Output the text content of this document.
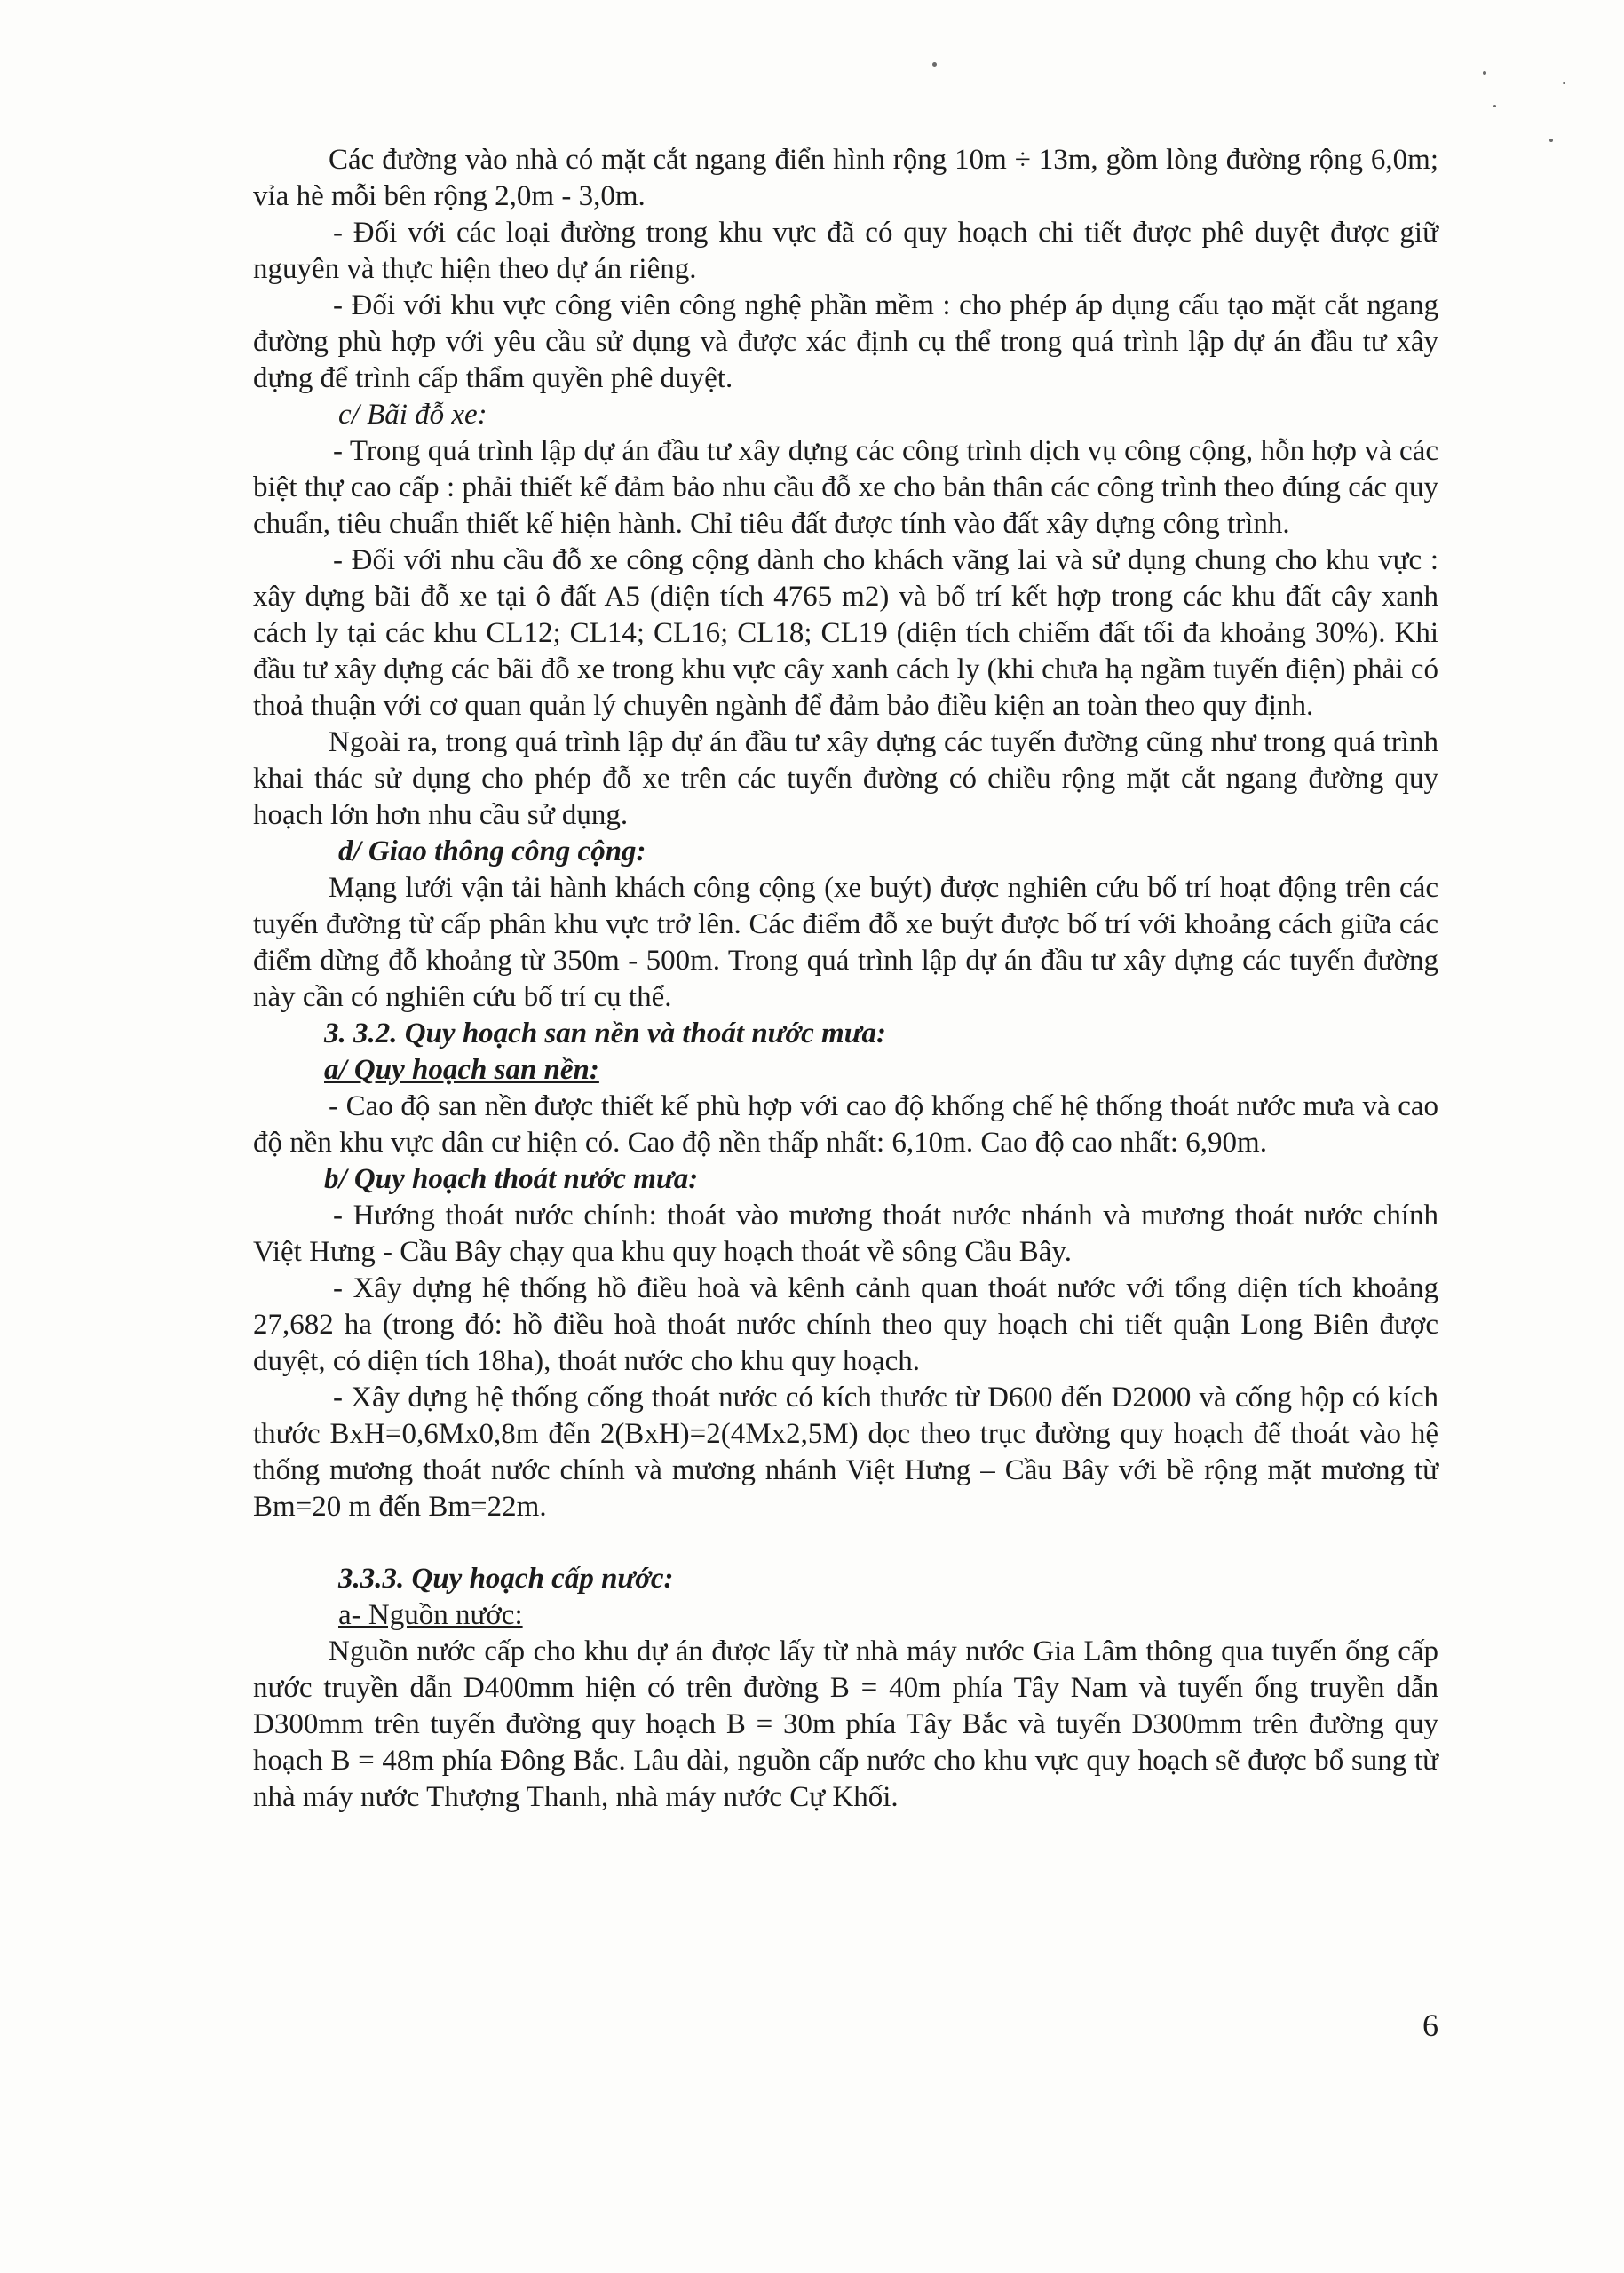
Các đường vào nhà có mặt cắt ngang điển hình rộng 10m ÷ 13m, gồm lòng đường rộng 6,0m; vỉa hè mỗi bên rộng 2,0m - 3,0m.

- Đối với các loại đường trong khu vực đã có quy hoạch chi tiết được phê duyệt được giữ nguyên và thực hiện theo dự án riêng.

- Đối với khu vực công viên công nghệ phần mềm : cho phép áp dụng cấu tạo mặt cắt ngang đường phù hợp với yêu cầu sử dụng và được xác định cụ thể trong quá trình lập dự án đầu tư xây dựng để trình cấp thẩm quyền phê duyệt.

c/ Bãi đỗ xe:

- Trong quá trình lập dự án đầu tư xây dựng các công trình dịch vụ công cộng, hỗn hợp và các biệt thự cao cấp : phải thiết kế đảm bảo nhu cầu đỗ xe cho bản thân các công trình theo đúng các quy chuẩn, tiêu chuẩn thiết kế hiện hành. Chỉ tiêu đất được tính vào đất xây dựng công trình.

- Đối với nhu cầu đỗ xe công cộng dành cho khách vãng lai và sử dụng chung cho khu vực : xây dựng bãi đỗ xe tại ô đất A5 (diện tích 4765 m2) và bố trí kết hợp trong các khu đất cây xanh cách ly tại các khu CL12; CL14; CL16; CL18; CL19 (diện tích chiếm đất tối đa khoảng 30%). Khi đầu tư xây dựng các bãi đỗ xe trong khu vực cây xanh cách ly (khi chưa hạ ngầm tuyến điện) phải có thoả thuận với cơ quan quản lý chuyên ngành để đảm bảo điều kiện an toàn theo quy định.

Ngoài ra, trong quá trình lập dự án đầu tư xây dựng các tuyến đường cũng như trong quá trình khai thác sử dụng cho phép đỗ xe trên các tuyến đường có chiều rộng mặt cắt ngang đường quy hoạch lớn hơn nhu cầu sử dụng.

d/ Giao thông công cộng:

Mạng lưới vận tải hành khách công cộng (xe buýt) được nghiên cứu bố trí hoạt động trên các tuyến đường từ cấp phân khu vực trở lên. Các điểm đỗ xe buýt được bố trí với khoảng cách giữa các điểm dừng đỗ khoảng từ 350m - 500m. Trong quá trình lập dự án đầu tư xây dựng các tuyến đường này cần có nghiên cứu bố trí cụ thể.

3. 3.2. Quy hoạch san nền và thoát nước mưa:

a/ Quy hoạch san nền:

- Cao độ san nền được thiết kế phù hợp với cao độ khống chế hệ thống thoát nước mưa và cao độ nền khu vực dân cư hiện có. Cao độ nền thấp nhất: 6,10m. Cao độ cao nhất: 6,90m.

b/ Quy hoạch thoát nước mưa:

- Hướng thoát nước chính: thoát vào mương thoát nước nhánh và mương thoát nước chính Việt Hưng - Cầu Bây chạy qua khu quy hoạch thoát về sông Cầu Bây.

- Xây dựng hệ thống hồ điều hoà và kênh cảnh quan thoát nước với tổng diện tích khoảng 27,682 ha (trong đó: hồ điều hoà thoát nước chính theo quy hoạch chi tiết quận Long Biên được duyệt, có diện tích 18ha), thoát nước cho khu quy hoạch.

- Xây dựng hệ thống cống thoát nước có kích thước từ D600 đến D2000 và cống hộp có kích thước BxH=0,6Mx0,8m đến 2(BxH)=2(4Mx2,5M) dọc theo trục đường quy hoạch để thoát vào hệ thống mương thoát nước chính và mương nhánh Việt Hưng – Cầu Bây với bề rộng mặt mương từ Bm=20 m đến Bm=22m.

3.3.3. Quy hoạch cấp nước:

a- Nguồn nước:

Nguồn nước cấp cho khu dự án được lấy từ nhà máy nước Gia Lâm thông qua tuyến ống cấp nước truyền dẫn D400mm hiện có trên đường B = 40m phía Tây Nam và tuyến ống truyền dẫn D300mm trên tuyến đường quy hoạch B = 30m phía Tây Bắc và tuyến D300mm trên đường quy hoạch B = 48m phía Đông Bắc. Lâu dài, nguồn cấp nước cho khu vực quy hoạch sẽ được bổ sung từ nhà máy nước Thượng Thanh, nhà máy nước Cự Khối.

6
